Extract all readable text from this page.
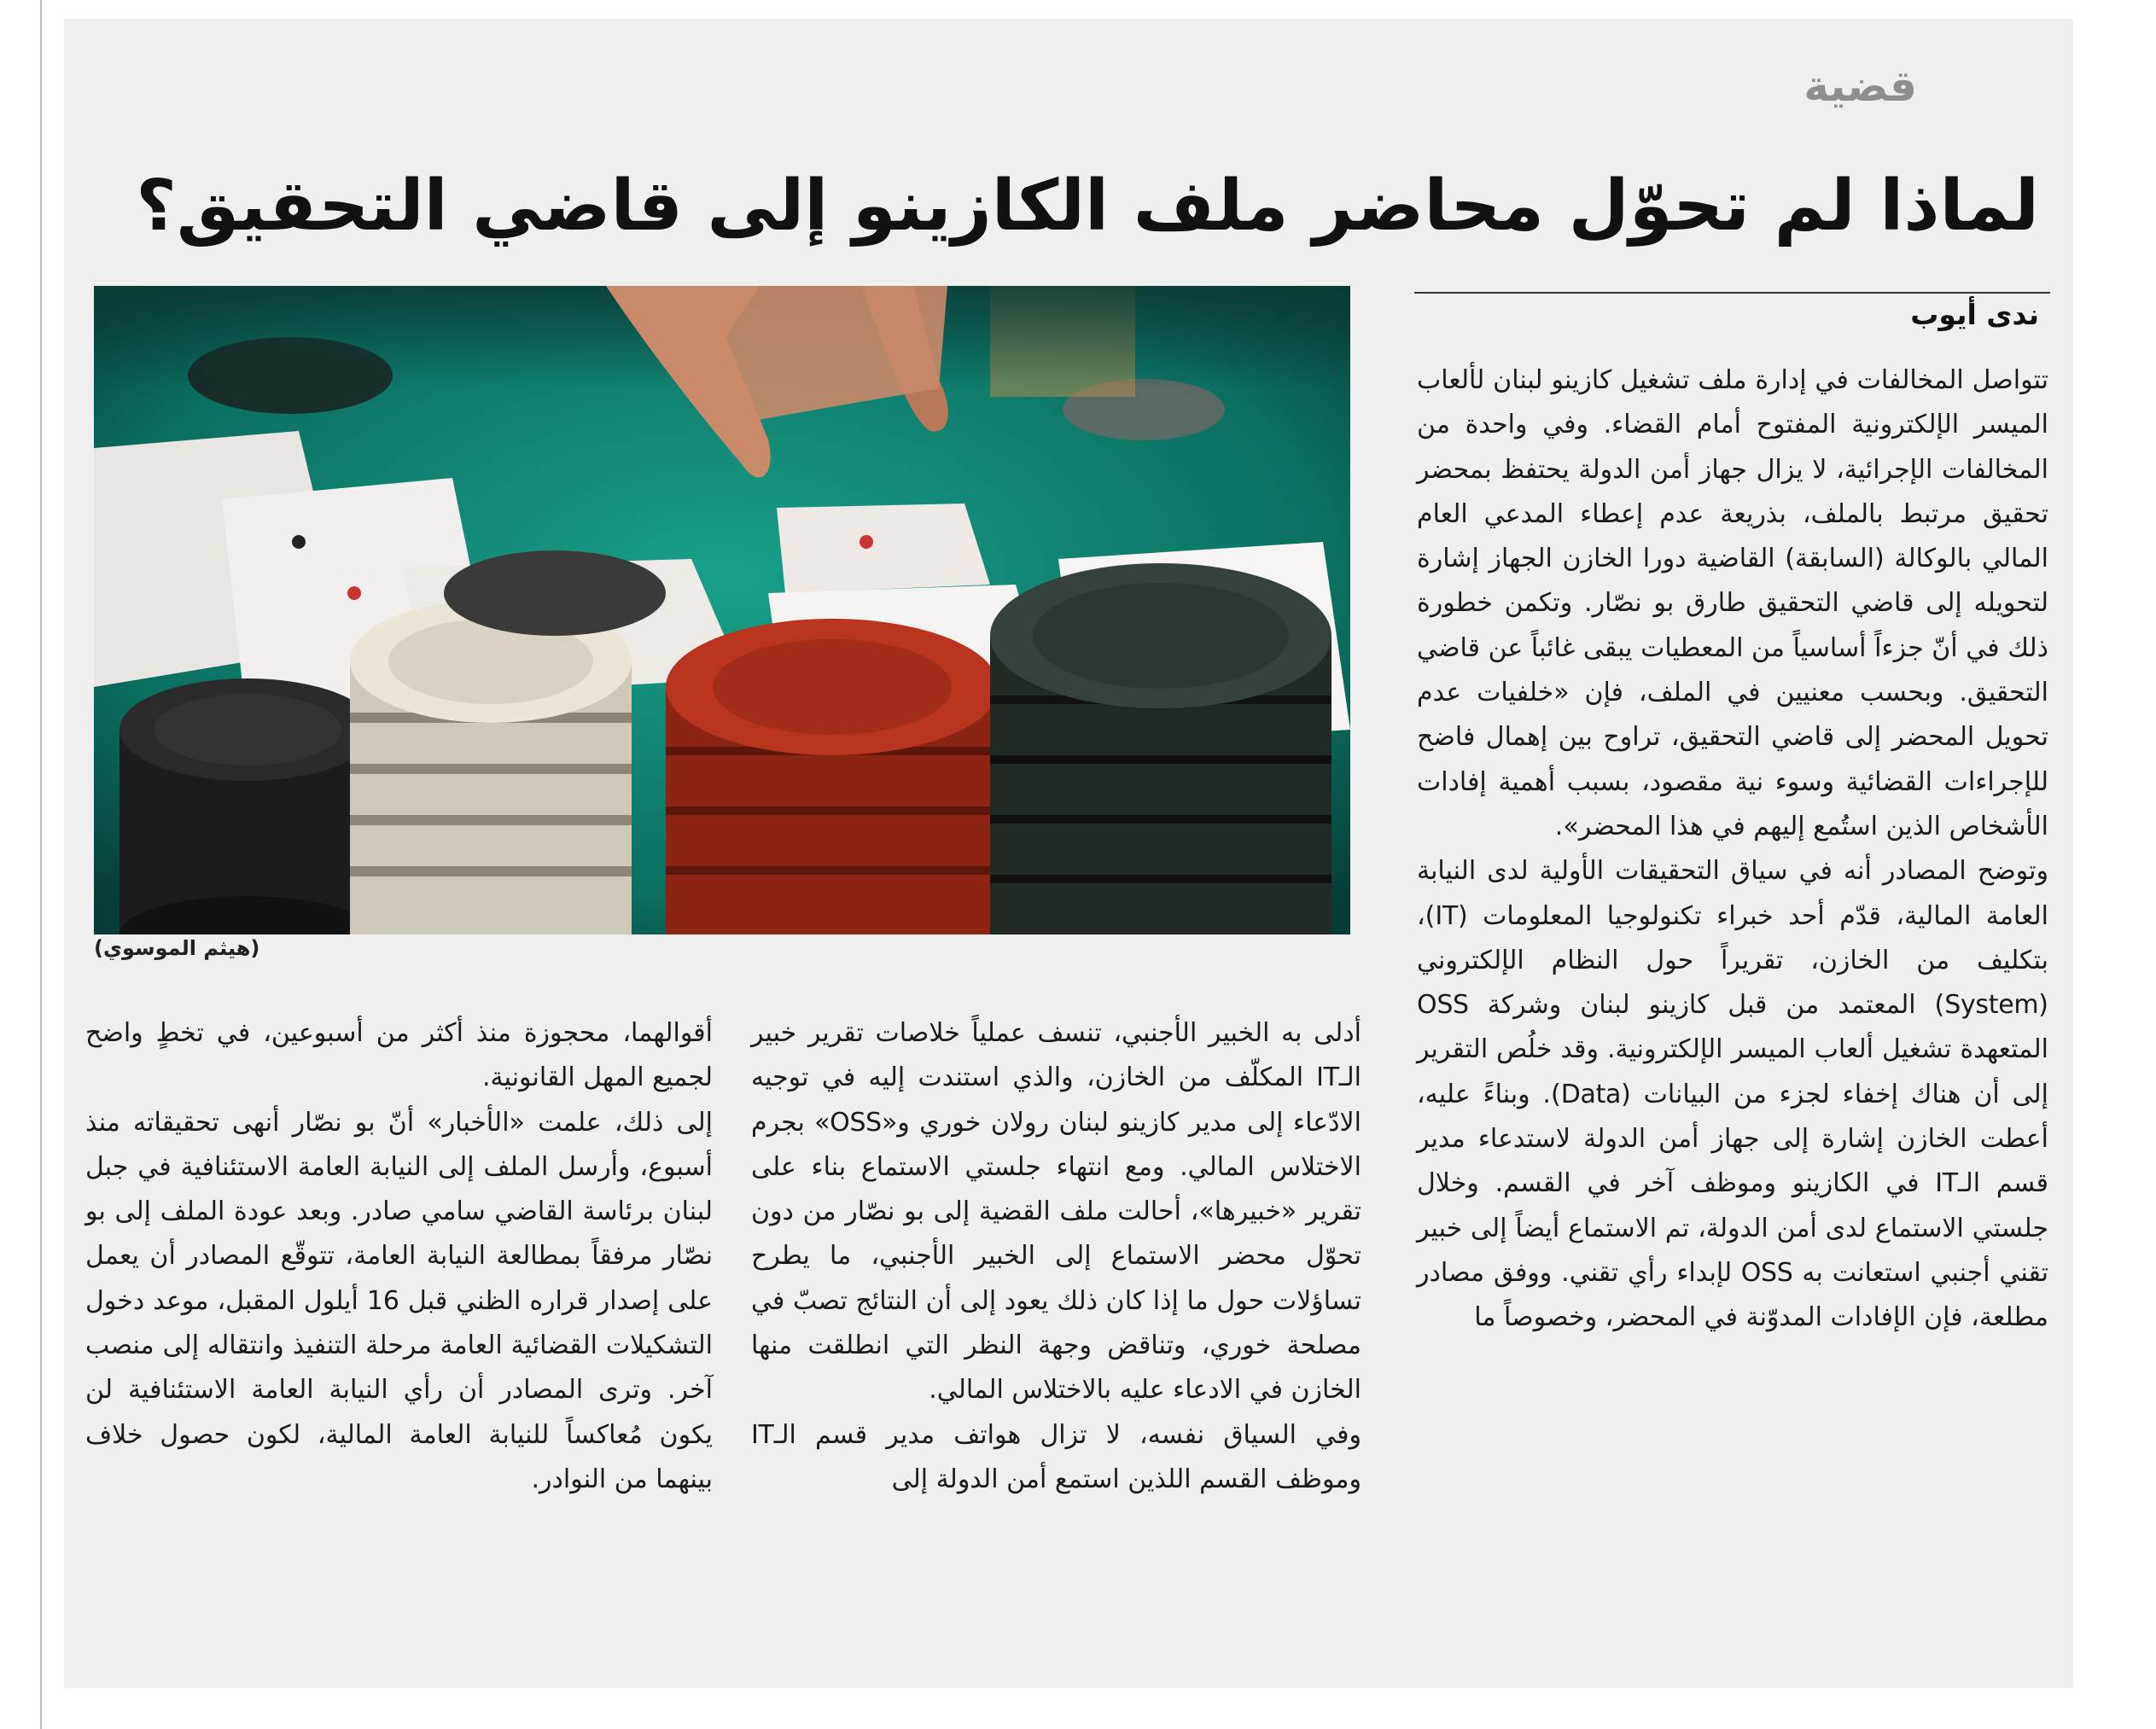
قضية
لماذا لم تحوّل محاضر ملف الكازينو إلى قاضي التحقيق؟

ندى أيوب

(هيثم الموسوي)

تتواصل المخالفات في إدارة ملف تشغيل كازينو لبنان لألعاب الميسر الإلكترونية المفتوح أمام القضاء. وفي واحدة من المخالفات الإجرائية، لا يزال جهاز أمن الدولة يحتفظ بمحضر تحقيق مرتبط بالملف، بذريعة عدم إعطاء المدعي العام المالي بالوكالة (السابقة) القاضية دورا الخازن الجهاز إشارة لتحويله إلى قاضي التحقيق طارق بو نصّار. وتكمن خطورة ذلك في أنّ جزءاً أساسياً من المعطيات يبقى غائباً عن قاضي التحقيق. وبحسب معنيين في الملف، فإن «خلفيات عدم تحويل المحضر إلى قاضي التحقيق، تراوح بين إهمال فاضح للإجراءات القضائية وسوء نية مقصود، بسبب أهمية إفادات الأشخاص الذين استُمع إليهم في هذا المحضر».

وتوضح المصادر أنه في سياق التحقيقات الأولية لدى النيابة العامة المالية، قدّم أحد خبراء تكنولوجيا المعلومات (IT)، بتكليف من الخازن، تقريراً حول النظام الإلكتروني (System) المعتمد من قبل كازينو لبنان وشركة OSS المتعهدة تشغيل ألعاب الميسر الإلكترونية. وقد خلُص التقرير إلى أن هناك إخفاء لجزء من البيانات (Data). وبناءً عليه، أعطت الخازن إشارة إلى جهاز أمن الدولة لاستدعاء مدير قسم الـIT في الكازينو وموظف آخر في القسم. وخلال جلستي الاستماع لدى أمن الدولة، تم الاستماع أيضاً إلى خبير تقني أجنبي استعانت به OSS لإبداء رأي تقني. ووفق مصادر مطلعة، فإن الإفادات المدوّنة في المحضر، وخصوصاً ما

أدلى به الخبير الأجنبي، تنسف عملياً خلاصات تقرير خبير الـIT المكلّف من الخازن، والذي استندت إليه في توجيه الادّعاء إلى مدير كازينو لبنان رولان خوري و«OSS» بجرم الاختلاس المالي. ومع انتهاء جلستي الاستماع بناء على تقرير «خبيرها»، أحالت ملف القضية إلى بو نصّار من دون تحوّل محضر الاستماع إلى الخبير الأجنبي، ما يطرح تساؤلات حول ما إذا كان ذلك يعود إلى أن النتائج تصبّ في مصلحة خوري، وتناقض وجهة النظر التي انطلقت منها الخازن في الادعاء عليه بالاختلاس المالي.

وفي السياق نفسه، لا تزال هواتف مدير قسم الـIT وموظف القسم اللذين استمع أمن الدولة إلى

أقوالهما، محجوزة منذ أكثر من أسبوعين، في تخطٍ واضح لجميع المهل القانونية.

إلى ذلك، علمت «الأخبار» أنّ بو نصّار أنهى تحقيقاته منذ أسبوع، وأرسل الملف إلى النيابة العامة الاستئنافية في جبل لبنان برئاسة القاضي سامي صادر. وبعد عودة الملف إلى بو نصّار مرفقاً بمطالعة النيابة العامة، تتوقّع المصادر أن يعمل على إصدار قراره الظني قبل 16 أيلول المقبل، موعد دخول التشكيلات القضائية العامة مرحلة التنفيذ وانتقاله إلى منصب آخر. وترى المصادر أن رأي النيابة العامة الاستئنافية لن يكون مُعاكساً للنيابة العامة المالية، لكون حصول خلاف بينهما من النوادر.
